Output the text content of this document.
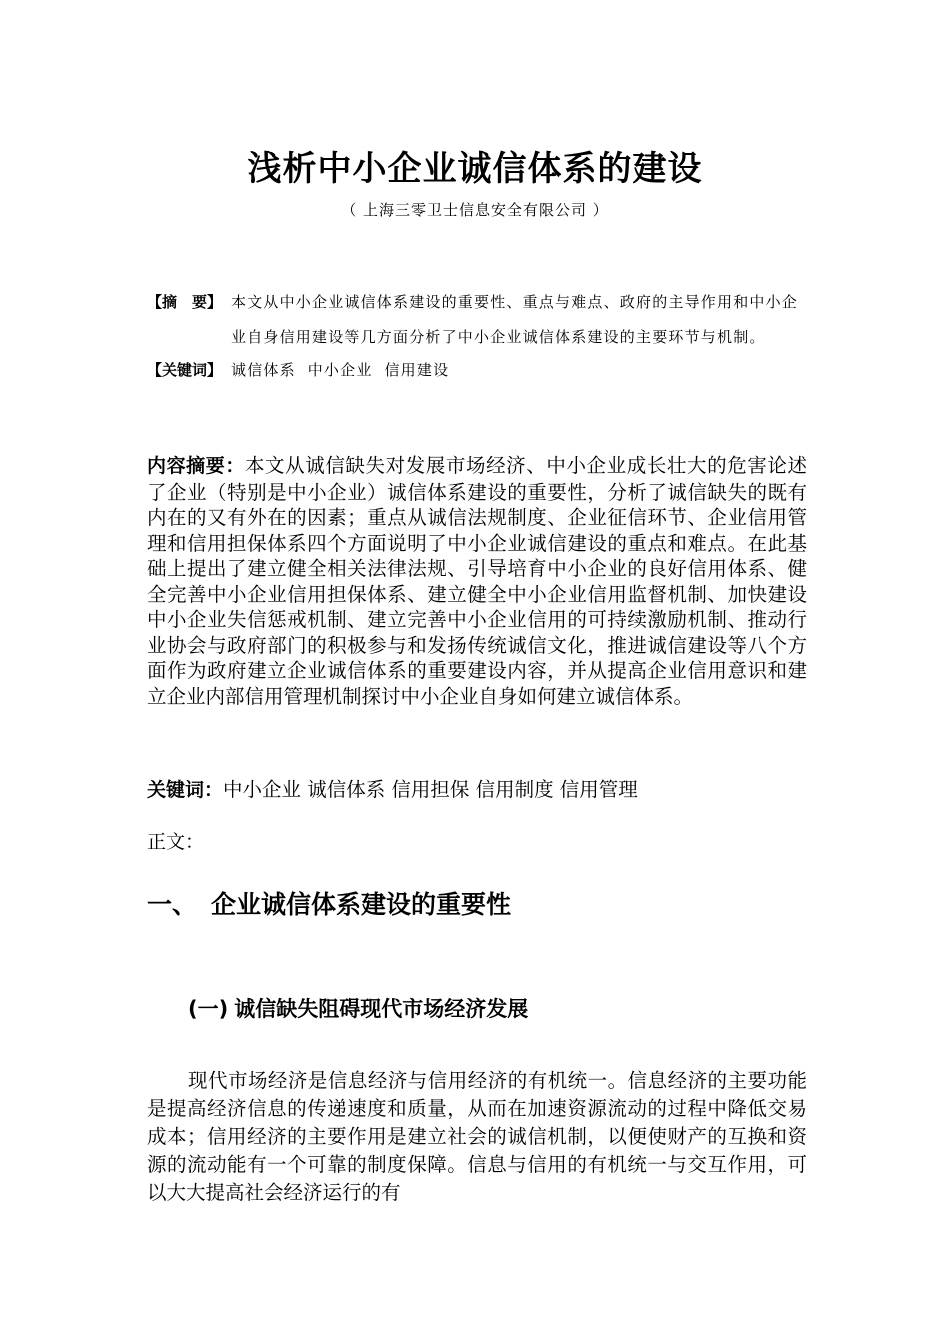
浅析中小企业诚信体系的建设
（ 上海三零卫士信息安全有限公司 ）
【摘　要】 本文从中小企业诚信体系建设的重要性、重点与难点、政府的主导作用和中小企业自身信用建设等几方面分析了中小企业诚信体系建设的主要环节与机制。
【关键词】 诚信体系  中小企业  信用建设
内容摘要：本文从诚信缺失对发展市场经济、中小企业成长壮大的危害论述了企业（特别是中小企业）诚信体系建设的重要性，分析了诚信缺失的既有内在的又有外在的因素；重点从诚信法规制度、企业征信环节、企业信用管理和信用担保体系四个方面说明了中小企业诚信建设的重点和难点。在此基础上提出了建立健全相关法律法规、引导培育中小企业的良好信用体系、健全完善中小企业信用担保体系、建立健全中小企业信用监督机制、加快建设中小企业失信惩戒机制、建立完善中小企业信用的可持续激励机制、推动行业协会与政府部门的积极参与和发扬传统诚信文化，推进诚信建设等八个方面作为政府建立企业诚信体系的重要建设内容，并从提高企业信用意识和建立企业内部信用管理机制探讨中小企业自身如何建立诚信体系。
关键词：中小企业 诚信体系 信用担保 信用制度 信用管理
正文：
一、 企业诚信体系建设的重要性
(一) 诚信缺失阻碍现代市场经济发展
现代市场经济是信息经济与信用经济的有机统一。信息经济的主要功能是提高经济信息的传递速度和质量，从而在加速资源流动的过程中降低交易成本；信用经济的主要作用是建立社会的诚信机制，以便使财产的互换和资源的流动能有一个可靠的制度保障。信息与信用的有机统一与交互作用，可以大大提高社会经济运行的有
